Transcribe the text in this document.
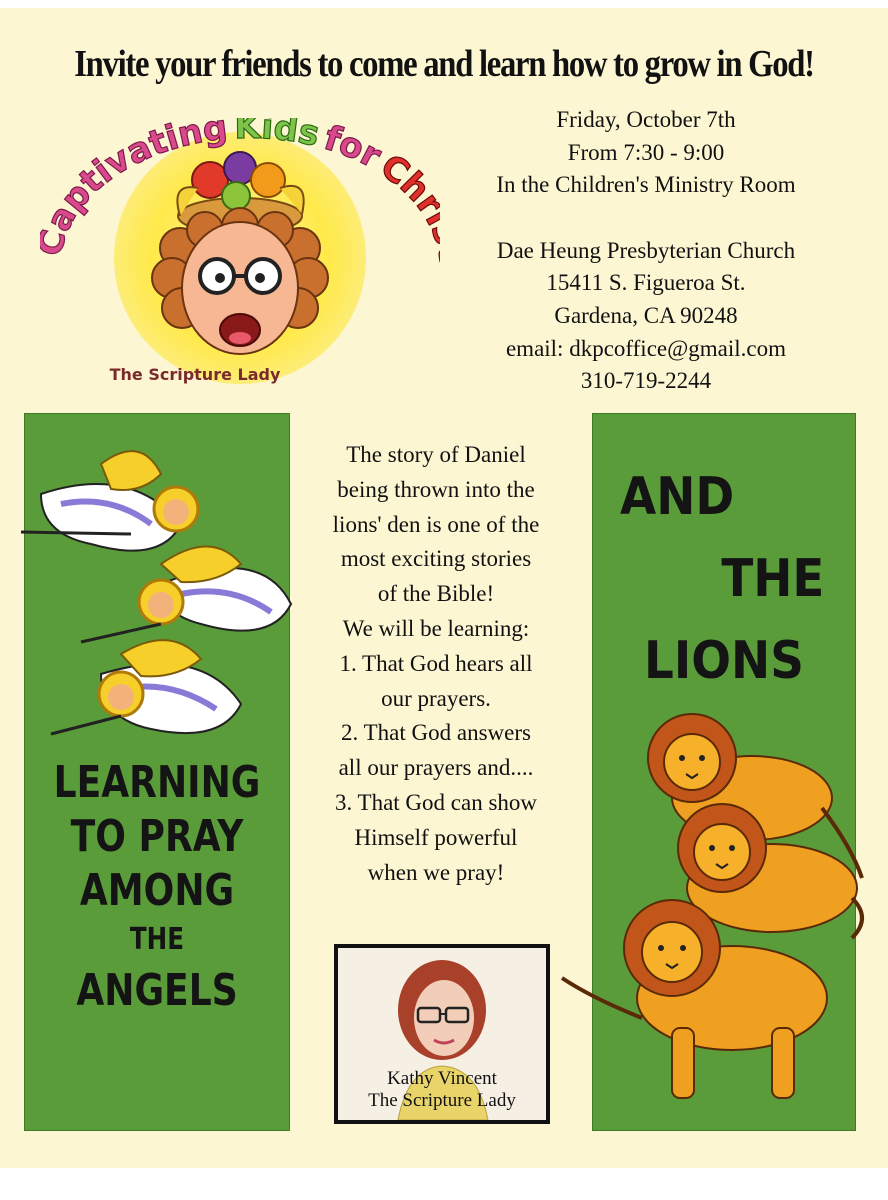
Invite your friends to come and learn how to grow in God!
aptivating KidsforCh
The Scripture Lady
Friday, October 7th
From 7:30 - 9:00
In the Children's Ministry Room
Dae Heung Presbyterian Church
15411 S. Figueroa St.
Gardena, CA 90248
email: dkpcoffice@gmail.com
310-719-2244
LEARNING
TO PRAY
AMONG
THE
ANGELS
AND
THE
LIONS
The story of Daniel
being thrown into the
lions' den is one of the
most exciting stories
of the Bible!
We will be learning:
1. That God hears all
our prayers.
2. That God answers
all our prayers and....
3. That God can show
Himself powerful
when we pray!
Kathy Vincent
The Scripture Lady
